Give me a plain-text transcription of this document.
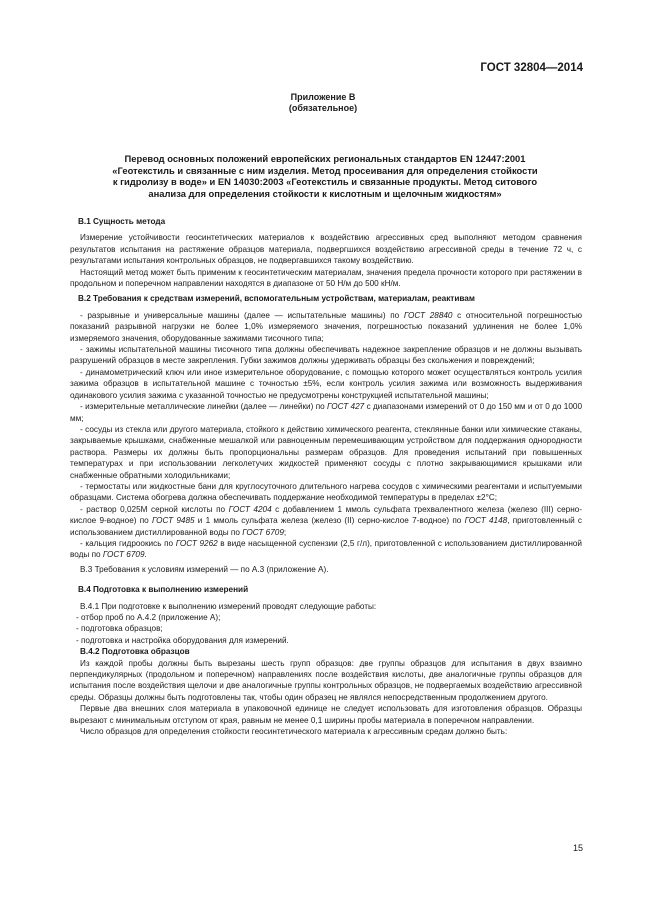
ГОСТ 32804—2014
Приложение В
(обязательное)
Перевод основных положений европейских региональных стандартов EN 12447:2001
«Геотекстиль и связанные с ним изделия. Метод просеивания для определения стойкости
к гидролизу в воде» и EN 14030:2003 «Геотекстиль и связанные продукты. Метод ситового
анализа для определения стойкости к кислотным и щелочным жидкостям»

В.1 Сущность метода

Измерение устойчивости геосинтетических материалов к воздействию агрессивных сред выполняют методом сравнения результатов испытания на растяжение образцов материала, подвергшихся воздействию агрессивной среды в течение 72 ч, с результатами испытания контрольных образцов, не подвергавшихся такому воздействию.

Настоящий метод может быть применим к геосинтетическим материалам, значения предела прочности которого при растяжении в продольном и поперечном направлении находятся в диапазоне от 50 Н/м до 500 кН/м.

В.2 Требования к средствам измерений, вспомогательным устройствам, материалам, реактивам

- разрывные и универсальные машины (далее — испытательные машины) по ГОСТ 28840 с относительной погрешностью показаний разрывной нагрузки не более 1,0% измеряемого значения, погрешностью показаний удлинения не более 1,0% измеряемого значения, оборудованные зажимами тисочного типа;

- зажимы испытательной машины тисочного типа должны обеспечивать надежное закрепление образцов и не должны вызывать разрушений образцов в месте закрепления. Губки зажимов должны удерживать образцы без скольжения и повреждений;

- динамометрический ключ или иное измерительное оборудование, с помощью которого может осуществляться контроль усилия зажима образцов в испытательной машине с точностью ±5%, если контроль усилия зажима или возможность выдерживания одинакового усилия зажима с указанной точностью не предусмотрены конструкцией испытательной машины;

- измерительные металлические линейки (далее — линейки) по ГОСТ 427 с диапазонами измерений от 0 до 150 мм и от 0 до 1000 мм;

- сосуды из стекла или другого материала, стойкого к действию химического реагента, стеклянные банки или химические стаканы, закрываемые крышками, снабженные мешалкой или равноценным перемешивающим устройством для поддержания однородности раствора. Размеры их должны быть пропорциональны размерам образцов. Для проведения испытаний при повышенных температурах и при использовании легколетучих жидкостей применяют сосуды с плотно закрывающимися крышками или снабженные обратными холодильниками;

- термостаты или жидкостные бани для круглосуточного длительного нагрева сосудов с химическими реагентами и испытуемыми образцами. Система обогрева должна обеспечивать поддержание необходимой температуры в пределах ±2°С;

- раствор 0,025М серной кислоты по ГОСТ 4204 с добавлением 1 ммоль сульфата трехвалентного железа (железо (III) серно-кислое 9-водное) по ГОСТ 9485 и 1 ммоль сульфата железа (железо (II) серно-кислое 7-водное) по ГОСТ 4148, приготовленный с использованием дистиллированной воды по ГОСТ 6709;

- кальция гидроокись по ГОСТ 9262 в виде насыщенной суспензии (2,5 г/л), приготовленной с использованием дистиллированной воды по ГОСТ 6709.

В.3 Требования к условиям измерений — по А.3 (приложение А).

В.4 Подготовка к выполнению измерений

В.4.1 При подготовке к выполнению измерений проводят следующие работы:

- отбор проб по А.4.2 (приложение А);

- подготовка образцов;

- подготовка и настройка оборудования для измерений.

В.4.2 Подготовка образцов

Из каждой пробы должны быть вырезаны шесть групп образцов: две группы образцов для испытания в двух взаимно перпендикулярных (продольном и поперечном) направлениях после воздействия кислоты, две аналогичные группы образцов для испытания после воздействия щелочи и две аналогичные группы контрольных образцов, не подвергаемых воздействию агрессивной среды. Образцы должны быть подготовлены так, чтобы один образец не являлся непосредственным продолжением другого.

Первые два внешних слоя материала в упаковочной единице не следует использовать для изготовления образцов. Образцы вырезают с минимальным отступом от края, равным не менее 0,1 ширины пробы материала в поперечном направлении.

Число образцов для определения стойкости геосинтетического материала к агрессивным средам должно быть:

15
